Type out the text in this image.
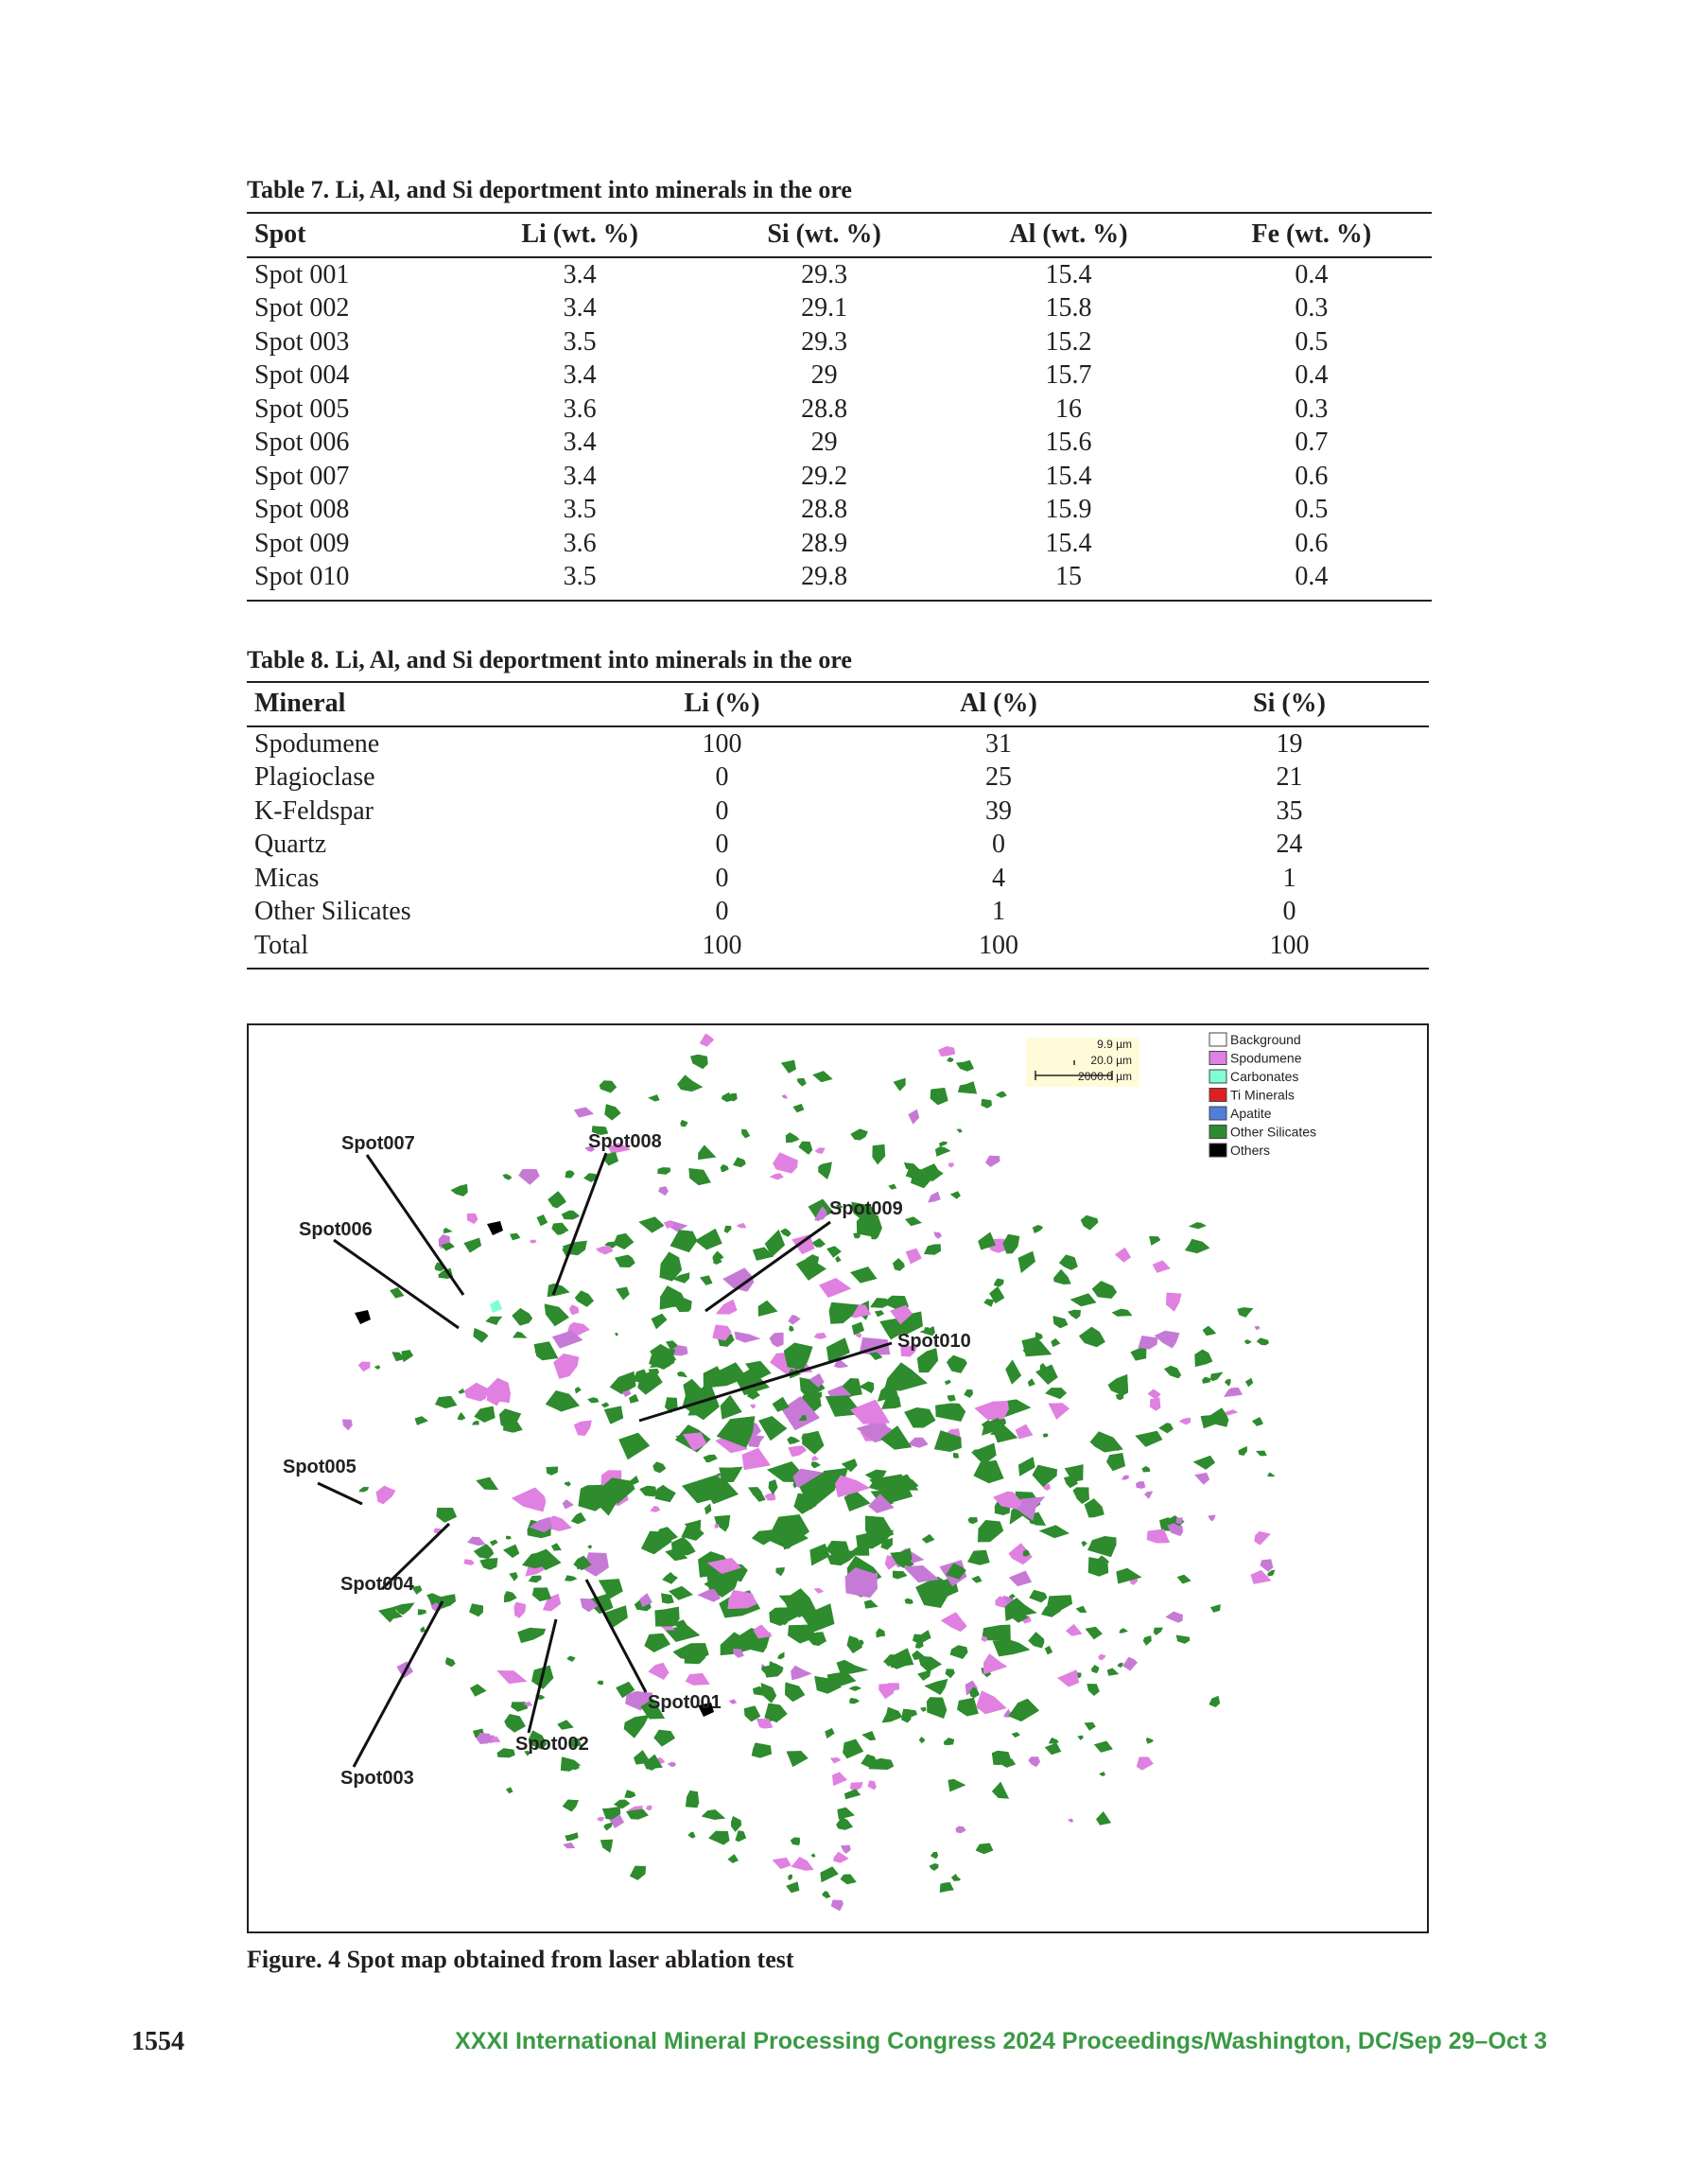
Table 7. Li, Al, and Si deportment into minerals in the ore
Spot	Li (wt. %)	Si (wt. %)	Al (wt. %)	Fe (wt. %)
Spot 001	3.4	29.3	15.4	0.4
Spot 002	3.4	29.1	15.8	0.3
Spot 003	3.5	29.3	15.2	0.5
Spot 004	3.4	29	15.7	0.4
Spot 005	3.6	28.8	16	0.3
Spot 006	3.4	29	15.6	0.7
Spot 007	3.4	29.2	15.4	0.6
Spot 008	3.5	28.8	15.9	0.5
Spot 009	3.6	28.9	15.4	0.6
Spot 010	3.5	29.8	15	0.4
Table 8. Li, Al, and Si deportment into minerals in the ore
Mineral	Li (%)	Al (%)	Si (%)
Spodumene	100	31	19
Plagioclase	0	25	21
K-Feldspar	0	39	35
Quartz	0	0	24
Micas	0	4	1
Other Silicates	0	1	0
Total	100	100	100
Spot001
Spot002
Spot003
Spot004
Spot005
Spot006
Spot007	Spot008
Spot009
Spot010
9.9 µm
20.0 µm
2000.0 µm
Background
Spodumene
Carbonates
Ti Minerals
Apatite
Other Silicates
Others
Figure. 4 Spot map obtained from laser ablation test
1554	XXXI International Mineral Processing Congress 2024 Proceedings/Washington, DC/Sep 29–Oct 3
